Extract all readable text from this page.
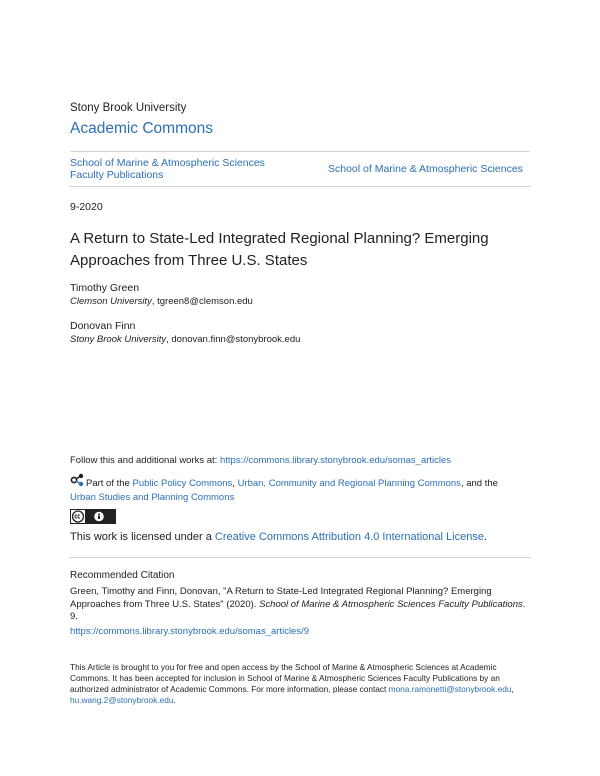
Stony Brook University
Academic Commons
School of Marine & Atmospheric Sciences Faculty Publications	School of Marine & Atmospheric Sciences
9-2020
A Return to State-Led Integrated Regional Planning? Emerging Approaches from Three U.S. States
Timothy Green
Clemson University, tgreen8@clemson.edu
Donovan Finn
Stony Brook University, donovan.finn@stonybrook.edu
Follow this and additional works at: https://commons.library.stonybrook.edu/somas_articles
Part of the Public Policy Commons, Urban, Community and Regional Planning Commons, and the
Urban Studies and Planning Commons
This work is licensed under a Creative Commons Attribution 4.0 International License.
Recommended Citation
Green, Timothy and Finn, Donovan, "A Return to State-Led Integrated Regional Planning? Emerging Approaches from Three U.S. States" (2020). School of Marine & Atmospheric Sciences Faculty Publications. 9.
https://commons.library.stonybrook.edu/somas_articles/9
This Article is brought to you for free and open access by the School of Marine & Atmospheric Sciences at Academic Commons. It has been accepted for inclusion in School of Marine & Atmospheric Sciences Faculty Publications by an authorized administrator of Academic Commons. For more information, please contact mona.ramonetti@stonybrook.edu, hu.wang.2@stonybrook.edu.
